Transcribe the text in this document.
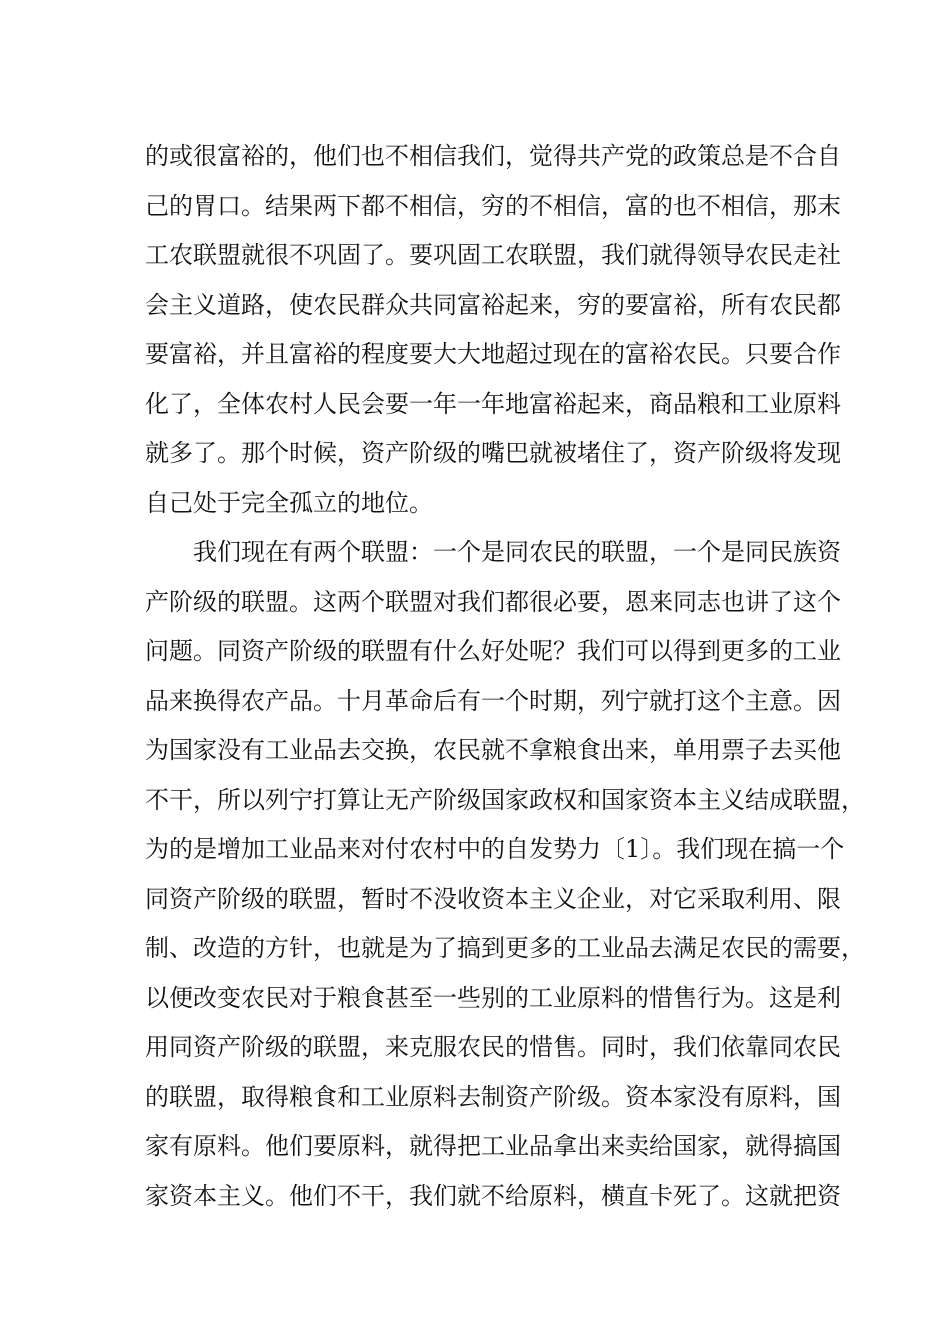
的或很富裕的，他们也不相信我们，觉得共产党的政策总是不合自
己的胃口。结果两下都不相信，穷的不相信，富的也不相信，那末
工农联盟就很不巩固了。要巩固工农联盟，我们就得领导农民走社
会主义道路，使农民群众共同富裕起来，穷的要富裕，所有农民都
要富裕，并且富裕的程度要大大地超过现在的富裕农民。只要合作
化了，全体农村人民会要一年一年地富裕起来，商品粮和工业原料
就多了。那个时候，资产阶级的嘴巴就被堵住了，资产阶级将发现
自己处于完全孤立的地位。
我们现在有两个联盟：一个是同农民的联盟，一个是同民族资
产阶级的联盟。这两个联盟对我们都很必要，恩来同志也讲了这个
问题。同资产阶级的联盟有什么好处呢？我们可以得到更多的工业
品来换得农产品。十月革命后有一个时期，列宁就打这个主意。因
为国家没有工业品去交换，农民就不拿粮食出来，单用票子去买他
不干，所以列宁打算让无产阶级国家政权和国家资本主义结成联盟，
为的是增加工业品来对付农村中的自发势力〔1〕。我们现在搞一个
同资产阶级的联盟，暂时不没收资本主义企业，对它采取利用、限
制、改造的方针，也就是为了搞到更多的工业品去满足农民的需要，
以便改变农民对于粮食甚至一些别的工业原料的惜售行为。这是利
用同资产阶级的联盟，来克服农民的惜售。同时，我们依靠同农民
的联盟，取得粮食和工业原料去制资产阶级。资本家没有原料，国
家有原料。他们要原料，就得把工业品拿出来卖给国家，就得搞国
家资本主义。他们不干，我们就不给原料，横直卡死了。这就把资
